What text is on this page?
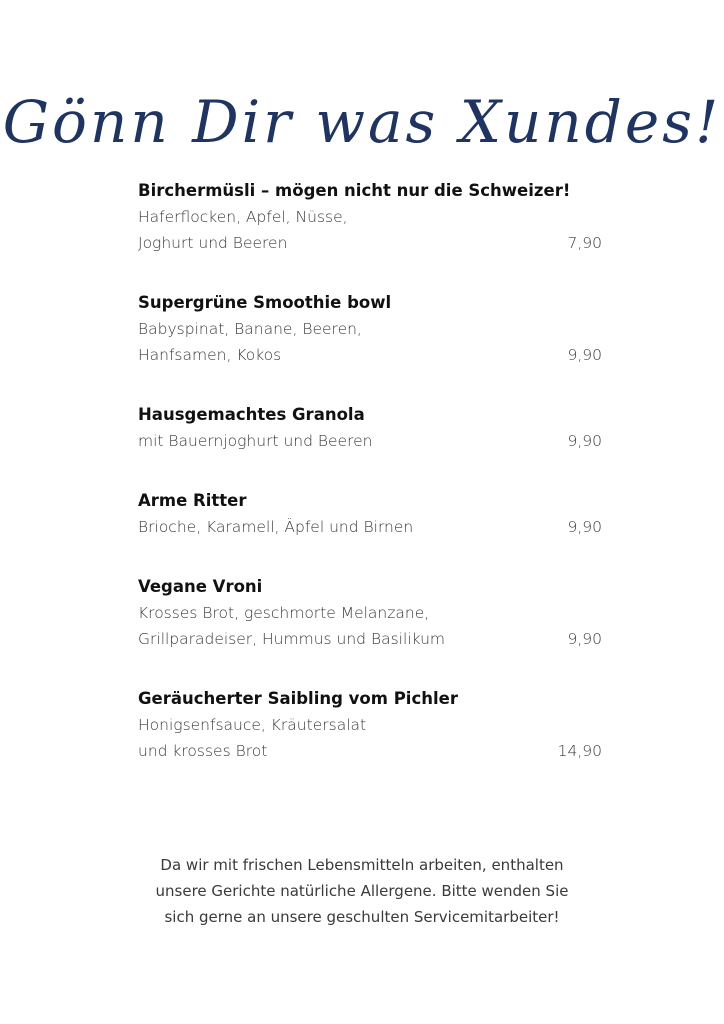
Gönn Dir was Xundes!
Birchermüsli – mögen nicht nur die Schweizer!
Haferflocken, Apfel, Nüsse,
Joghurt und Beeren	7,90
Supergrüne Smoothie bowl
Babyspinat, Banane, Beeren,
Hanfsamen, Kokos	9,90
Hausgemachtes Granola
mit Bauernjoghurt und Beeren	9,90
Arme Ritter
Brioche, Karamell, Äpfel und Birnen	9,90
Vegane Vroni
Krosses Brot, geschmorte Melanzane,
Grillparadeiser, Hummus und Basilikum	9,90
Geräucherter Saibling vom Pichler
Honigsenfsauce, Kräutersalat
und krosses Brot	14,90
Da wir mit frischen Lebensmitteln arbeiten, enthalten
unsere Gerichte natürliche Allergene. Bitte wenden Sie
sich gerne an unsere geschulten Servicemitarbeiter!
